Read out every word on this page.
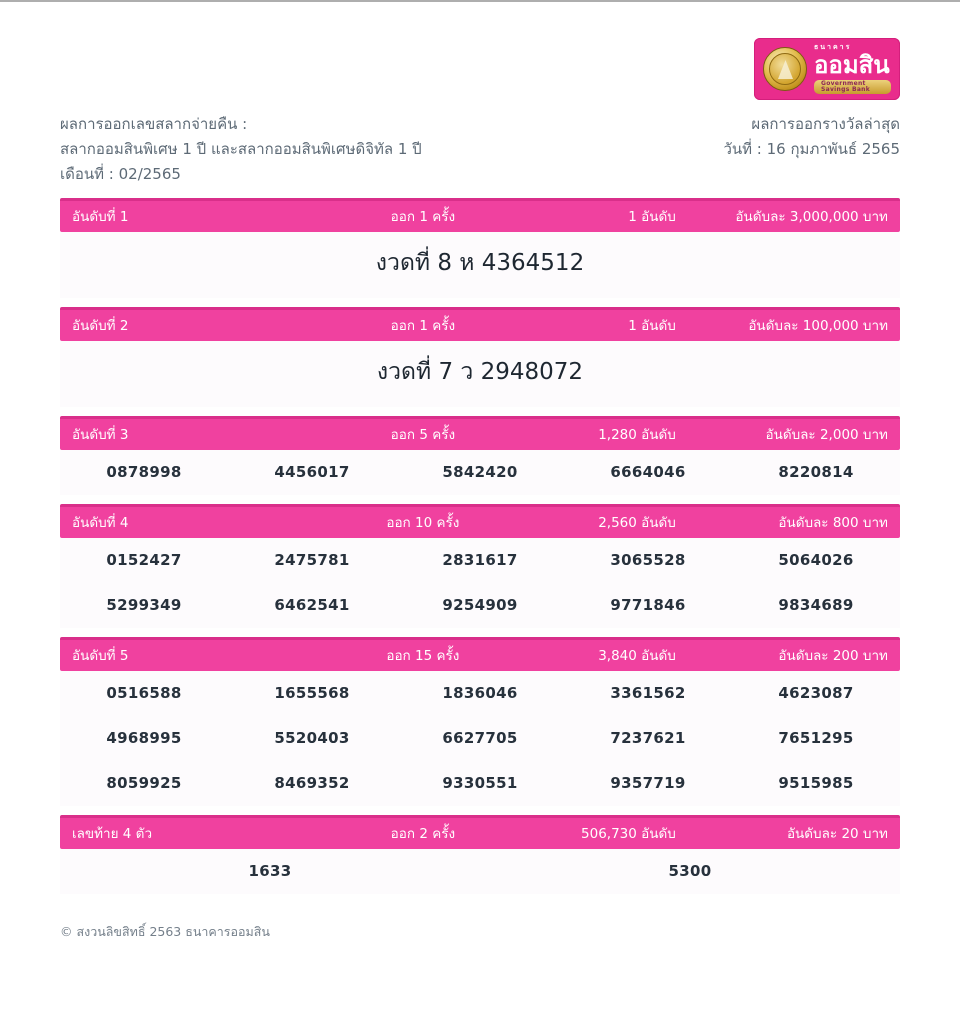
ธนาคาร
ออมสิน
Government Savings Bank
ผลการออกเลขสลากจ่ายคืน :
สลากออมสินพิเศษ 1 ปี และสลากออมสินพิเศษดิจิทัล 1 ปี
เดือนที่ : 02/2565
ผลการออกรางวัลล่าสุด
วันที่ : 16 กุมภาพันธ์ 2565
อันดับที่ 1	ออก 1 ครั้ง	1 อันดับ	อันดับละ 3,000,000 บาท
งวดที่ 8 ห 4364512
อันดับที่ 2	ออก 1 ครั้ง	1 อันดับ	อันดับละ 100,000 บาท
งวดที่ 7 ว 2948072
อันดับที่ 3	ออก 5 ครั้ง	1,280 อันดับ	อันดับละ 2,000 บาท
0878998	4456017	5842420	6664046	8220814
อันดับที่ 4	ออก 10 ครั้ง	2,560 อันดับ	อันดับละ 800 บาท
0152427	2475781	2831617	3065528	5064026
5299349	6462541	9254909	9771846	9834689
อันดับที่ 5	ออก 15 ครั้ง	3,840 อันดับ	อันดับละ 200 บาท
0516588	1655568	1836046	3361562	4623087
4968995	5520403	6627705	7237621	7651295
8059925	8469352	9330551	9357719	9515985
เลขท้าย 4 ตัว	ออก 2 ครั้ง	506,730 อันดับ	อันดับละ 20 บาท
1633	5300
© สงวนลิขสิทธิ์ 2563 ธนาคารออมสิน
